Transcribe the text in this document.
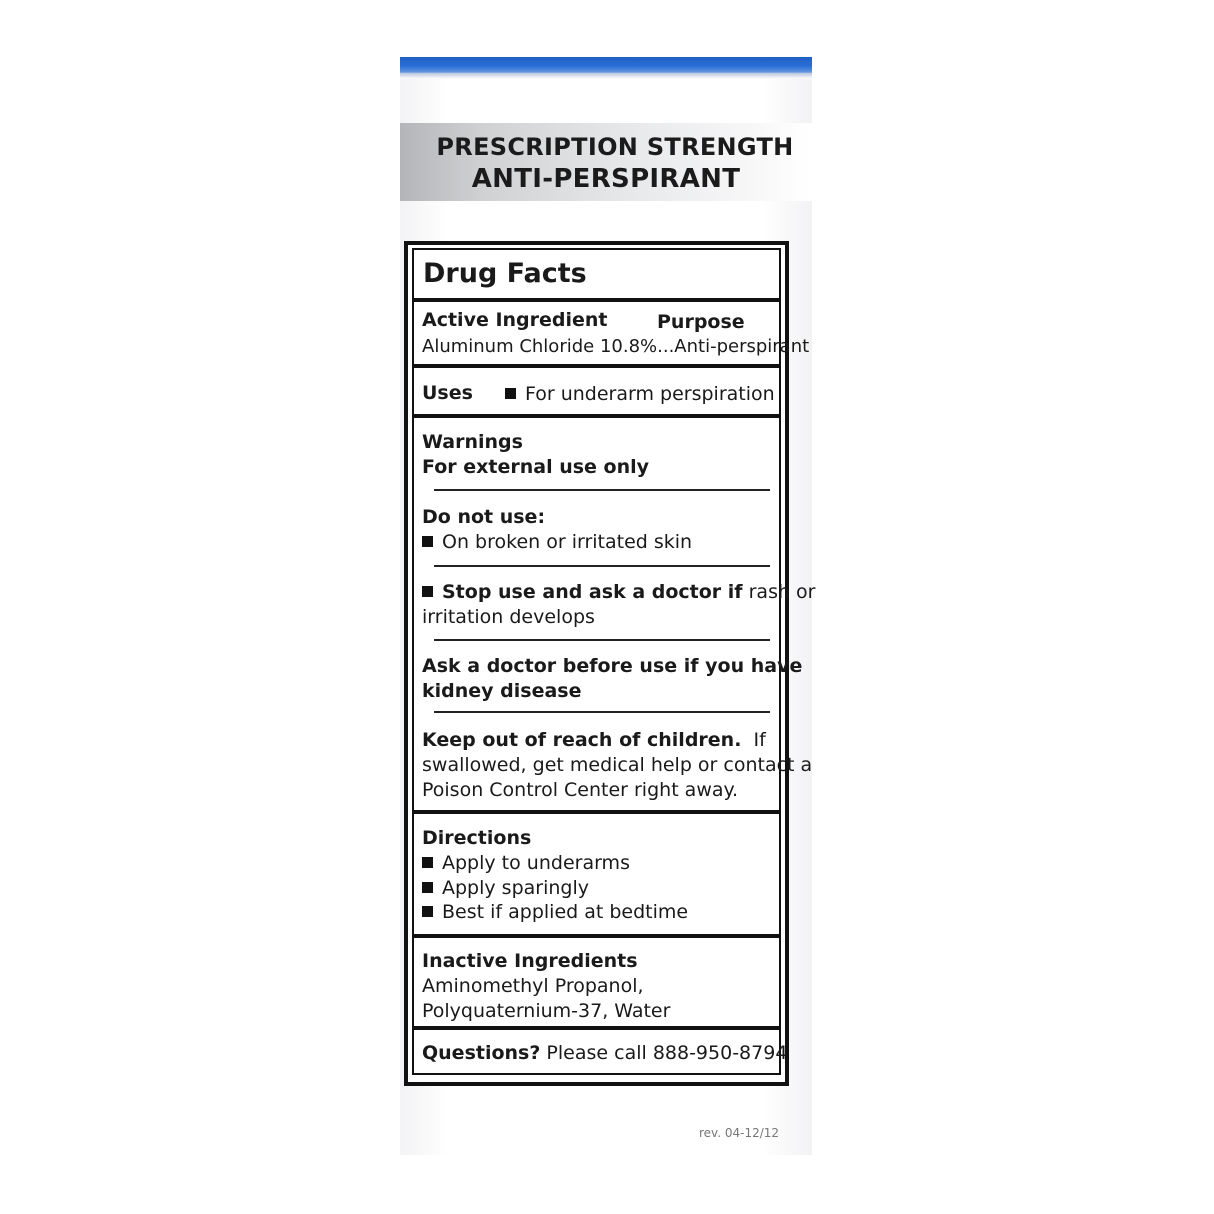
PRESCRIPTION STRENGTH
ANTI-PERSPIRANT
Drug Facts
Active Ingredient	Purpose
Aluminum Chloride 10.8%...Anti-perspirant
Uses	For underarm perspiration
Warnings
For external use only
Do not use:
On broken or irritated skin
Stop use and ask a doctor if rash or
irritation develops
Ask a doctor before use if you have
kidney disease
Keep out of reach of children.  If
swallowed, get medical help or contact a
Poison Control Center right away.
Directions
Apply to underarms
Apply sparingly
Best if applied at bedtime
Inactive Ingredients
Aminomethyl Propanol,
Polyquaternium-37, Water
Questions? Please call 888-950-8794
rev. 04-12/12
